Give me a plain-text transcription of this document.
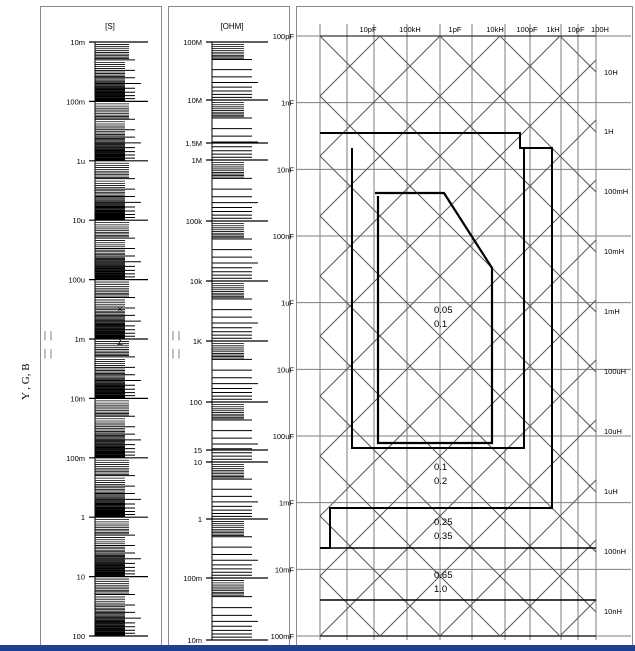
Y , G, B
| |
| |
| |
| |
[S]	[OHM]
10m
100m
1u
10u
100u
1m
10m
100m
1
10
100
×
∑
100M
10M
1.5M
1M
100k
10k
1K
100
15
10
1
100m
10m
100pF
1nF
10nF
100nF
1uF
10uF
100uF
1mF
10mF
100mF
10H
1H
100mH
10mH
1mH
100uH
10uH
1uH
100nH
10nH
10pF	100kH	1pF	10kH 100pF 1kH 10pF 100H
0.05
0.1
0.1
0.2
0.25
0.35
0.65
1.0
